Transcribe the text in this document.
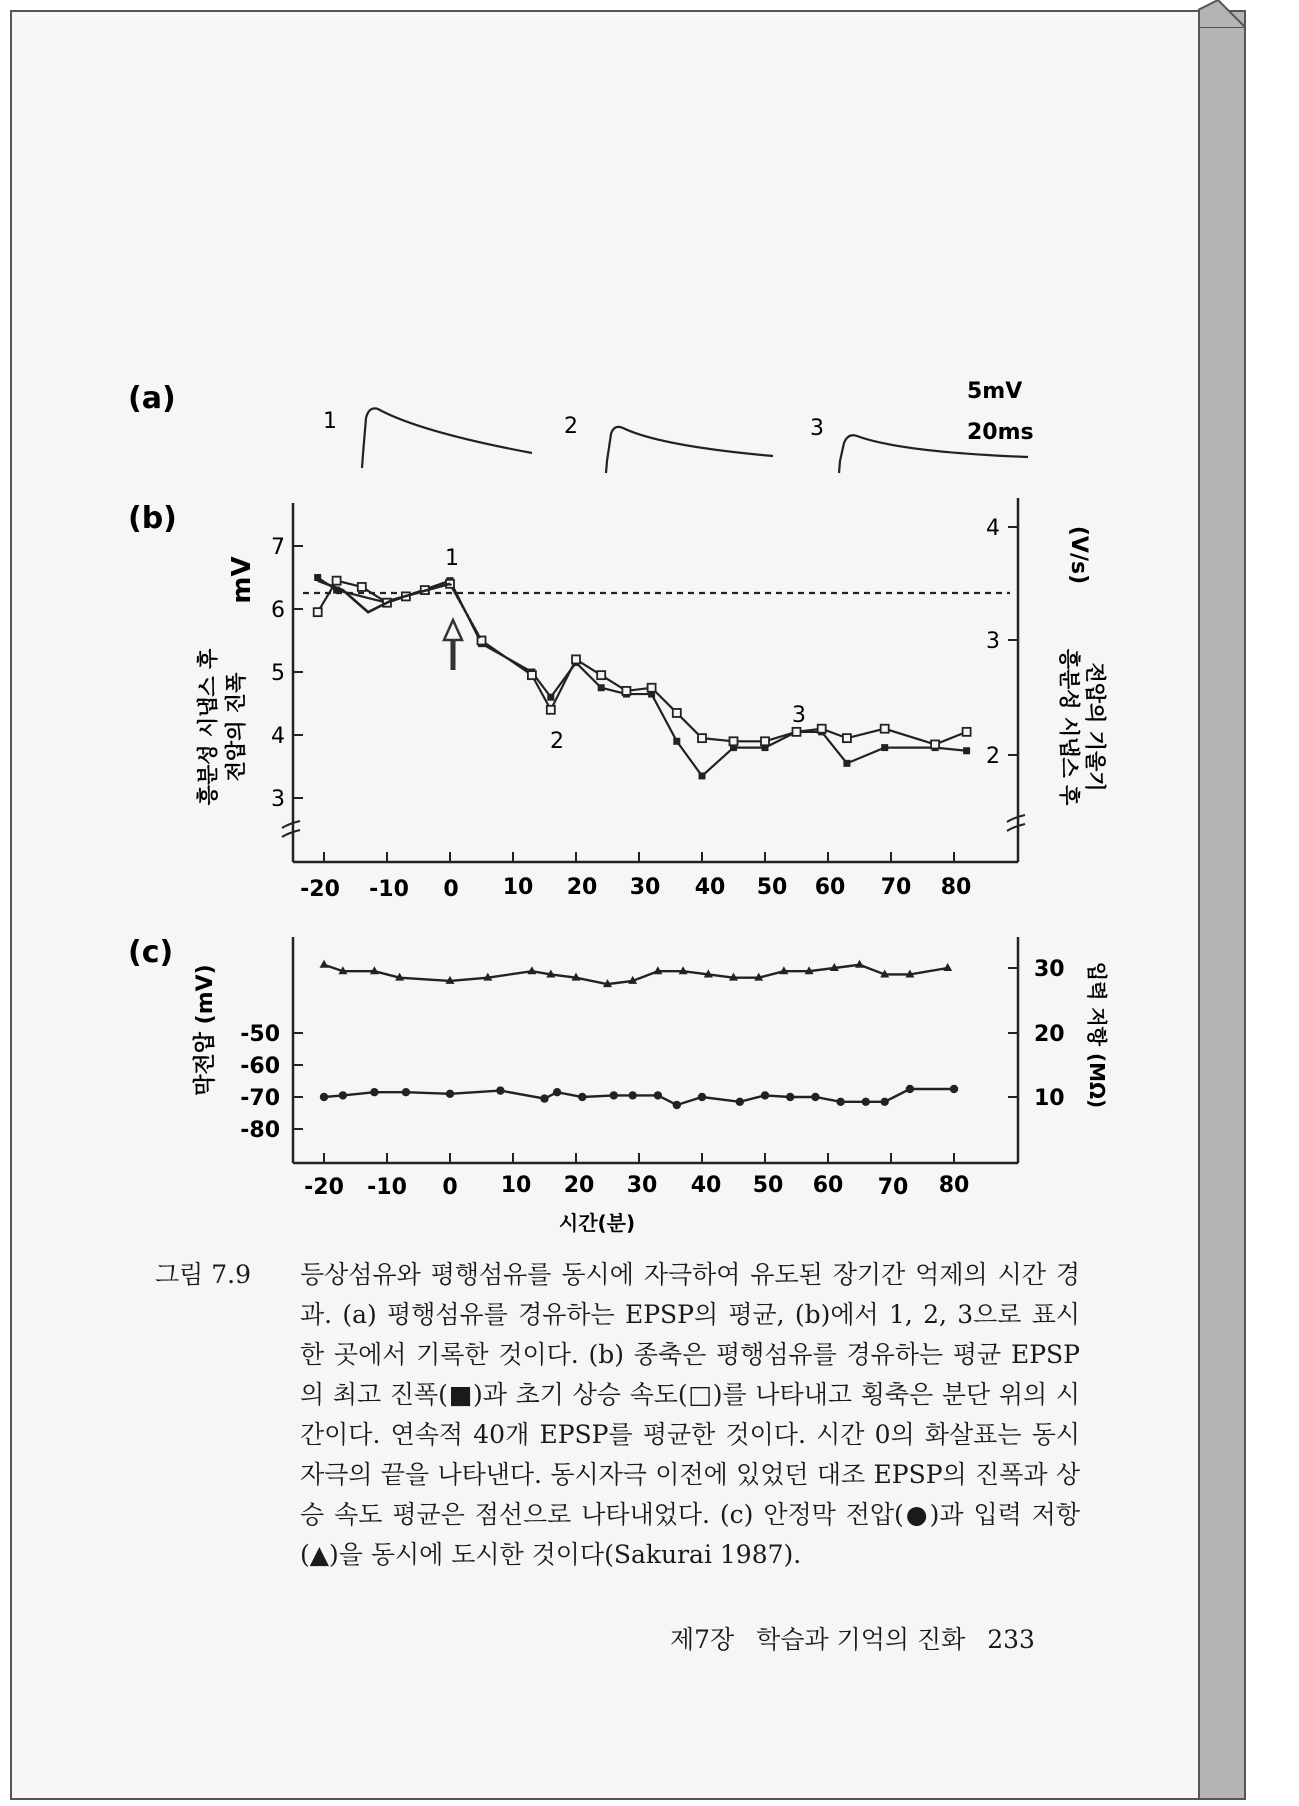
(a)
1	2	3
5mV
20ms
(b)
mV
흥분성 시냅스 후 전압의 진폭
(V/s)
흥분성 시냅스 후 전압의 기울기
7
6
5
4
3
4
3
2
-20 -10 0 10 20 30 40 50 60 70 80
1
2
3
(c)
막전압 (mV)	입력 저항 (MΩ)
-50
-60
-70
-80
30
20
10
-20 -10 0 10 20 30 40 50 60 70 80
시간(분)
그림 7.9	등상섬유와 평행섬유를 동시에 자극하여 유도된 장기간 억제의 시간 경과. (a) 평행섬유를 경유하는 EPSP의 평균, (b)에서 1, 2, 3으로 표시한 곳에서 기록한 것이다. (b) 종축은 평행섬유를 경유하는 평균 EPSP의 최고 진폭(■)과 초기 상승 속도(□)를 나타내고 횡축은 분단 위의 시간이다. 연속적 40개 EPSP를 평균한 것이다. 시간 0의 화살표는 동시자극의 끝을 나타낸다. 동시자극 이전에 있었던 대조 EPSP의 진폭과 상승 속도 평균은 점선으로 나타내었다. (c) 안정막 전압(●)과 입력 저항(▲)을 동시에 도시한 것이다(Sakurai 1987).
제7장 학습과 기억의 진화 233
